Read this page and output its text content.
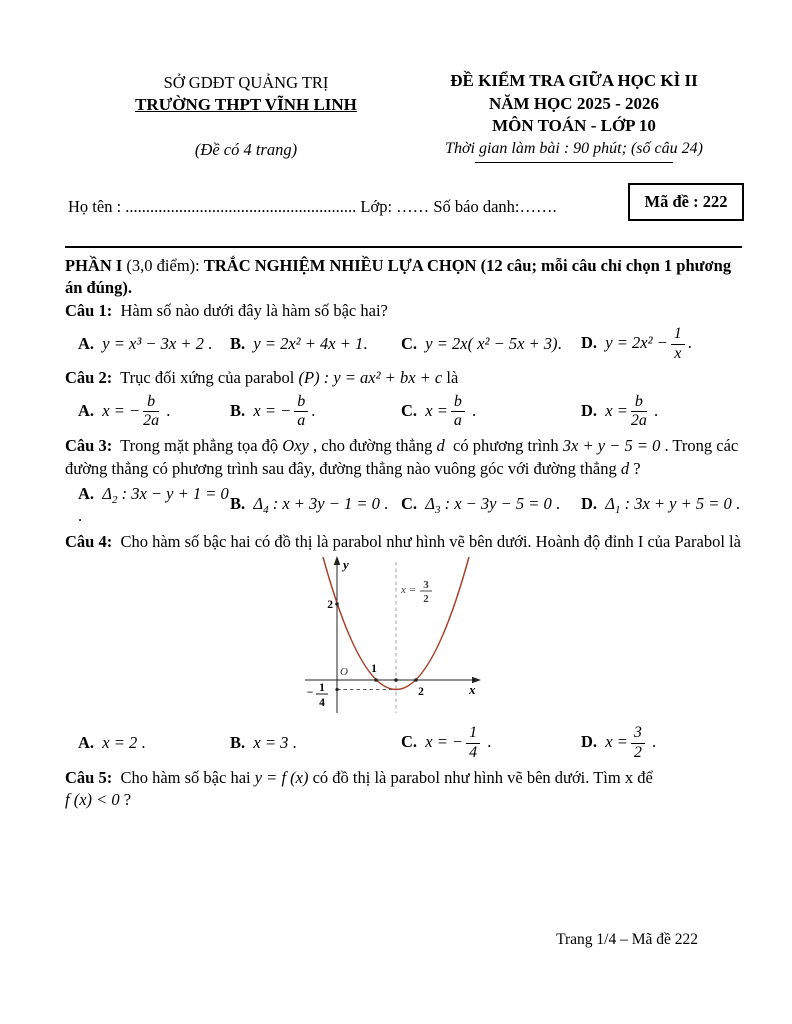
SỞ GDĐT QUẢNG TRỊ
TRƯỜNG THPT VĨNH LINH
(Đề có 4 trang)
ĐỀ KIỂM TRA GIỮA HỌC KÌ II
NĂM HỌC 2025 - 2026
MÔN TOÁN - LỚP 10
Thời gian làm bài : 90 phút; (số câu 24)
Họ tên : ........................................................ Lớp: …… Số báo danh:…….	Mã đề : 222

PHẦN I (3,0 điểm): TRẮC NGHIỆM NHIỀU LỰA CHỌN (12 câu; mỗi câu chỉ chọn 1 phương án đúng).

Câu 1:  Hàm số nào dưới đây là hàm số bậc hai?

A. y = x³ − 3x + 2 .	B. y = 2x² + 4x + 1.	C. y = 2x( x² − 5x + 3).	D. $y = 2x^2 - \frac{1}{x}$ .

Câu 2:  Trục đối xứng của parabol (P) : y = ax² + bx + c là

A. x = − $\frac{b}{2a}$ .	B. x = − $\frac{b}{a}$ .	C. $x = \frac{b}{a}$ .	D. $x = \frac{b}{2a}$ .

Câu 3:  Trong mặt phẳng tọa độ Oxy , cho đường thẳng d  có phương trình 3x + y − 5 = 0 . Trong các đường thẳng có phương trình sau đây, đường thẳng nào vuông góc với đường thẳng d ?

A. $\Delta_2$ : 3x − y + 1 = 0 .
B. $\Delta_4$ : x + 3y − 1 = 0 . C. $\Delta_3$ : x − 3y − 5 = 0 .	D. $\Delta_1$ : 3x + y + 5 = 0 .

Câu 4:  Cho hàm số bậc hai có đồ thị là parabol như hình vẽ bên dưới. Hoành độ đỉnh I của Parabol là

y
x
O
2
1
2
x = 3
2
− 1
4
A. x = 2 .	B. x = 3 .	C. x = − $\frac{1}{4}$ .	D. $x = \frac{3}{2}$ .

Câu 5:  Cho hàm số bậc hai y = f (x) có đồ thị là parabol như hình vẽ bên dưới. Tìm x để

f (x) < 0 ?

Trang 1/4 – Mã đề 222
